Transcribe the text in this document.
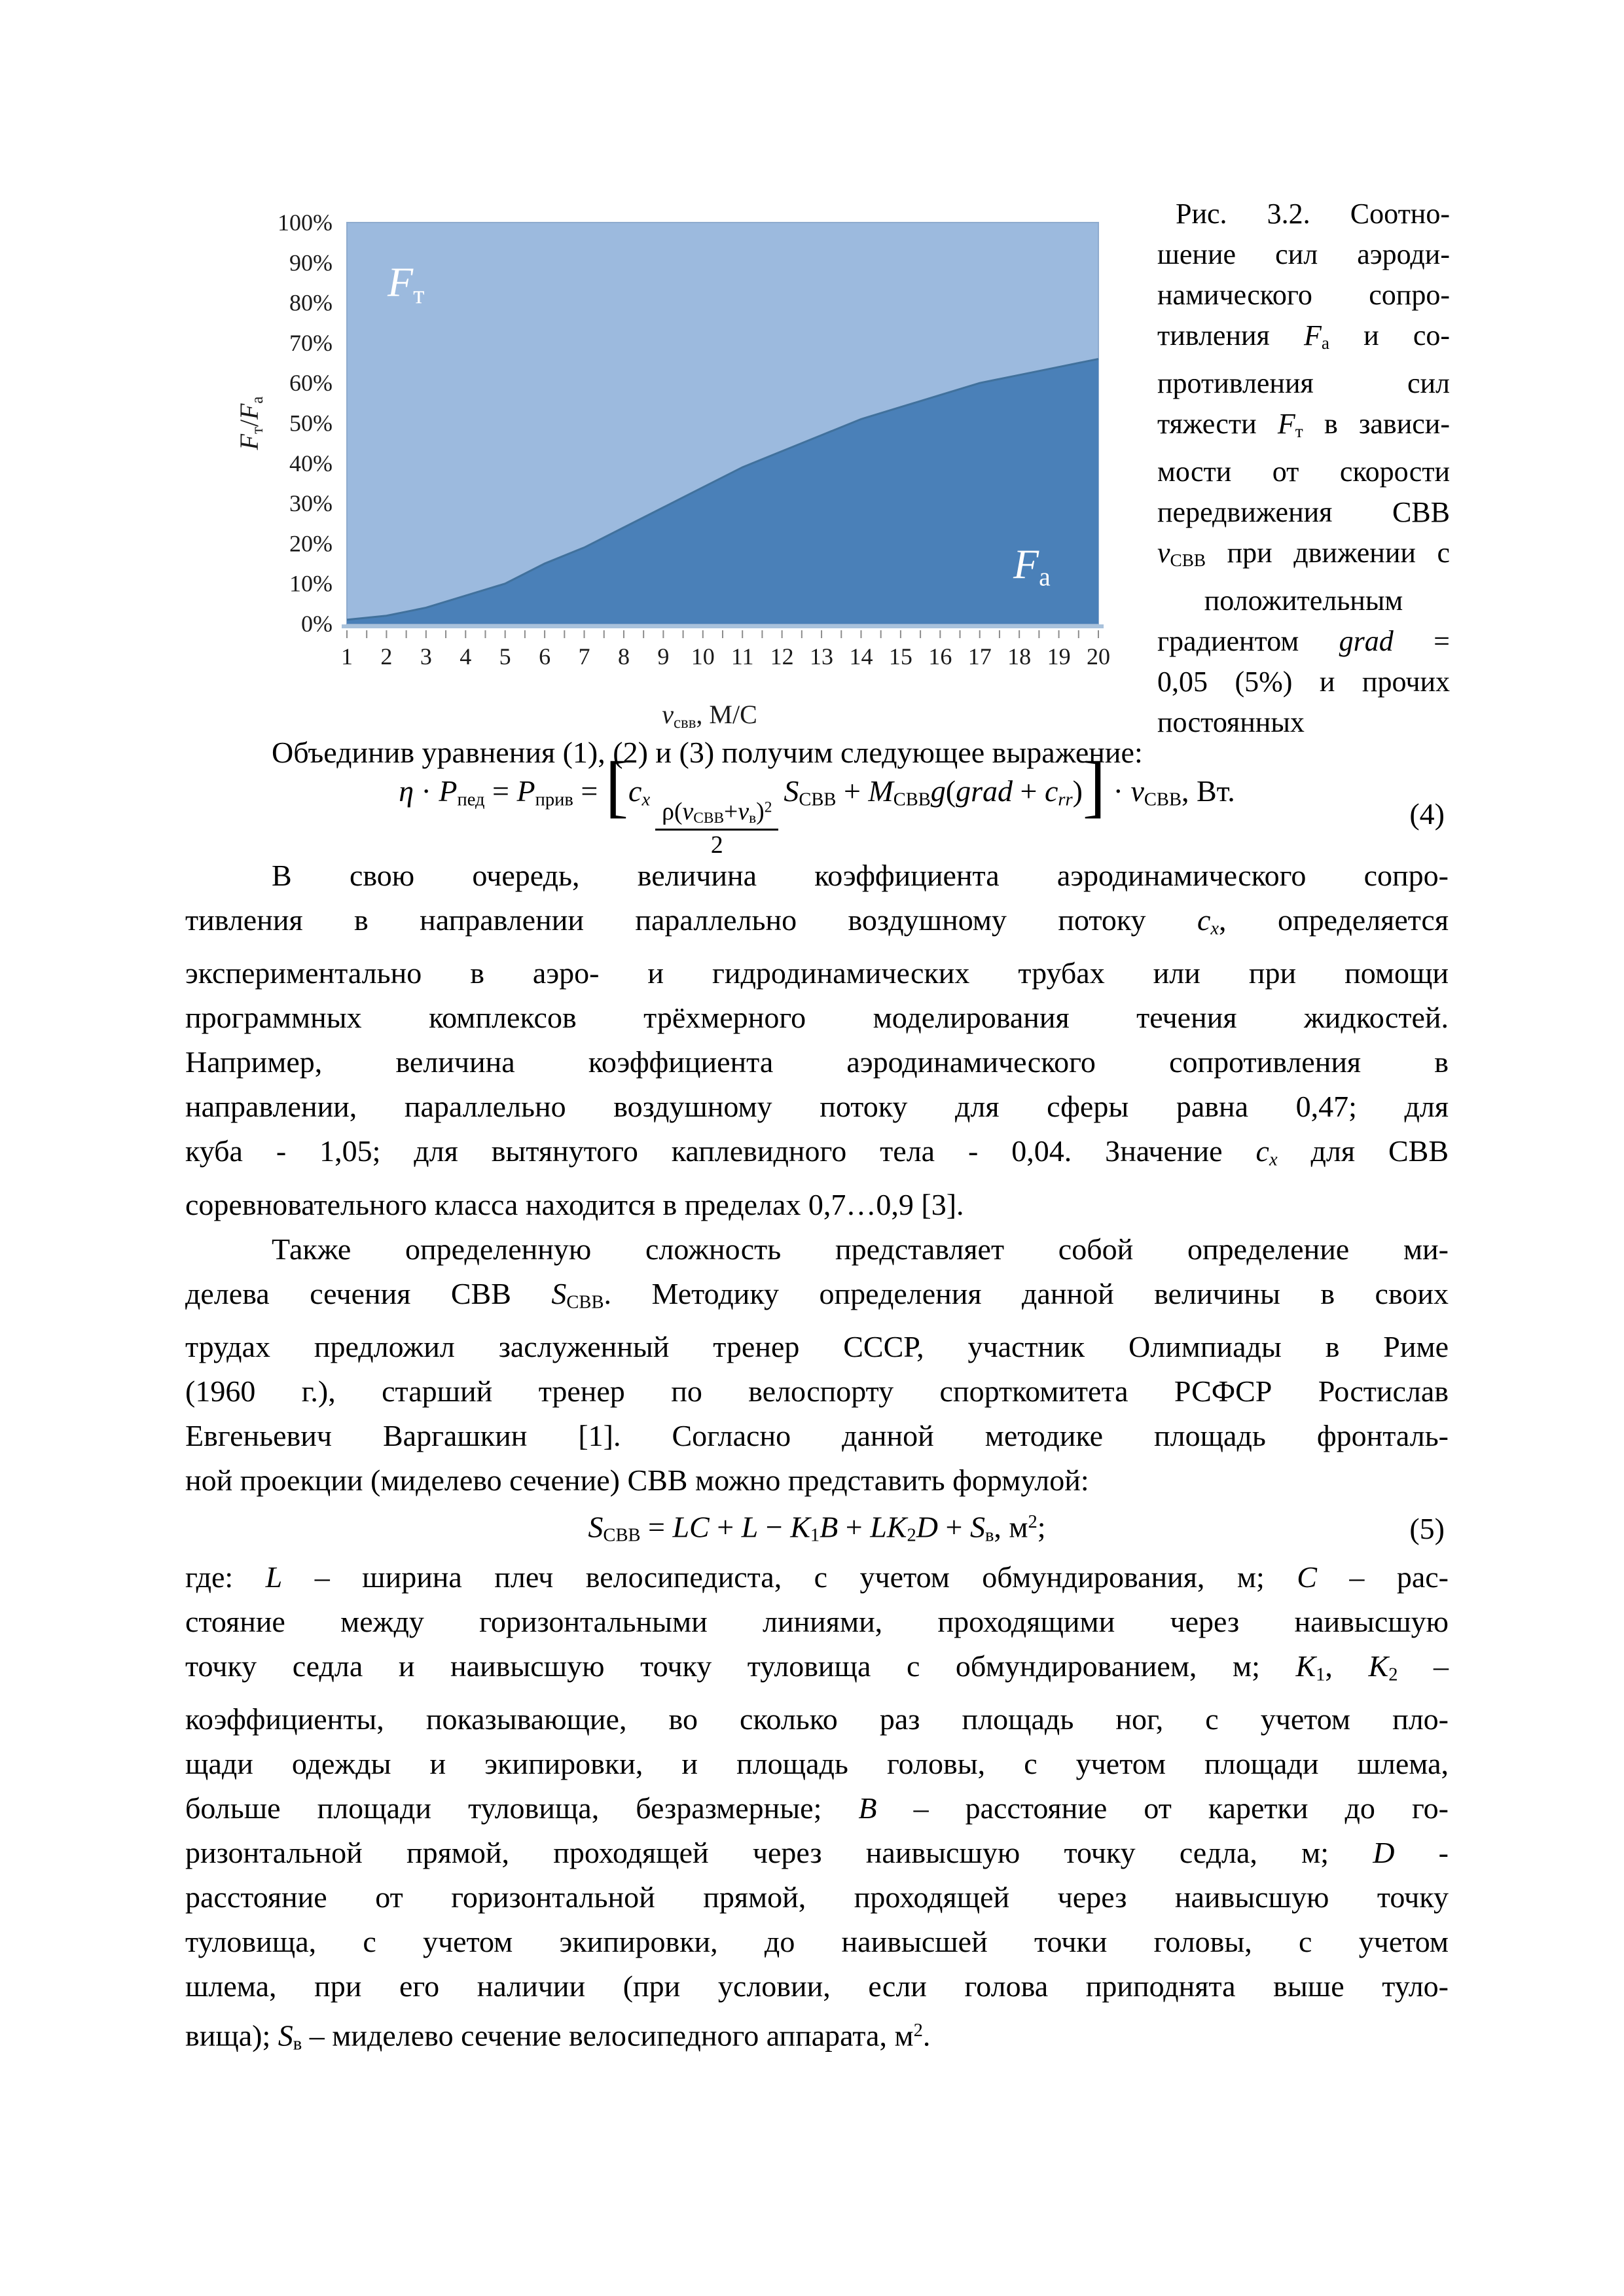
0%
10%
20%
30%
40%
50%
60%
70%
80%
90%
100%
1 2 3 4 5 6 7 8 9 10 11 12 13 14 15 16 17 18 19 20
Fт
Fа
Fт/Fа
vсвв, М/С
Рис. 3.2. Соотно-
шение сил аэроди-
намического сопро-
тивления Fа и со-
противления сил
тяжести Fт в зависи-
мости от скорости
передвижения СВВ
vСВВ при движении с
положительным
градиентом grad =
0,05 (5%) и прочих
постоянных
Объединив уравнения (1), (2) и (3) получим следующее выражение:
η · Pпед = Pприв = [$cx \frac{\rho(vСВВ+vв)^2}{2}$
SСВВ + MСВВg(grad + crr)] · vСВВ, Вт.
(4)
В свою очередь, величина коэффициента аэродинамического сопро-
тивления в направлении параллельно воздушному потоку cx, определяется
экспериментально в аэро- и гидродинамических трубах или при помощи
программных комплексов трёхмерного моделирования течения жидкостей.
Например, величина коэффициента аэродинамического сопротивления в
направлении, параллельно воздушному потоку для сферы равна 0,47; для
куба - 1,05; для вытянутого каплевидного тела - 0,04. Значение cx для СВВ
соревновательного класса находится в пределах 0,7…0,9 [3].
Также определенную сложность представляет собой определение ми-
делева сечения СВВ SСВВ. Методику определения данной величины в своих
трудах предложил заслуженный тренер СССР, участник Олимпиады в Риме
(1960 г.), старший тренер по велоспорту спорткомитета РСФСР Ростислав
Евгеньевич Варгашкин [1]. Согласно данной методике площадь фронталь-
ной проекции (миделево сечение) СВВ можно представить формулой:
SСВВ = LC + L − K1B + LK2D + Sв, $м^2$;	(5)
где: L – ширина плеч велосипедиста, с учетом обмундирования, м; C – рас-
стояние между горизонтальными линиями, проходящими через наивысшую
точку седла и наивысшую точку туловища с обмундированием, м; K1, K2 –
коэффициенты, показывающие, во сколько раз площадь ног, с учетом пло-
щади одежды и экипировки, и площадь головы, с учетом площади шлема,
больше площади туловища, безразмерные; B – расстояние от каретки до го-
ризонтальной прямой, проходящей через наивысшую точку седла, м; D -
расстояние от горизонтальной прямой, проходящей через наивысшую точку
туловища, с учетом экипировки, до наивысшей точки головы, с учетом
шлема, при его наличии (при условии, если голова приподнята выше туло-
вища); Sв – миделево сечение велосипедного аппарата, $м^2$.
